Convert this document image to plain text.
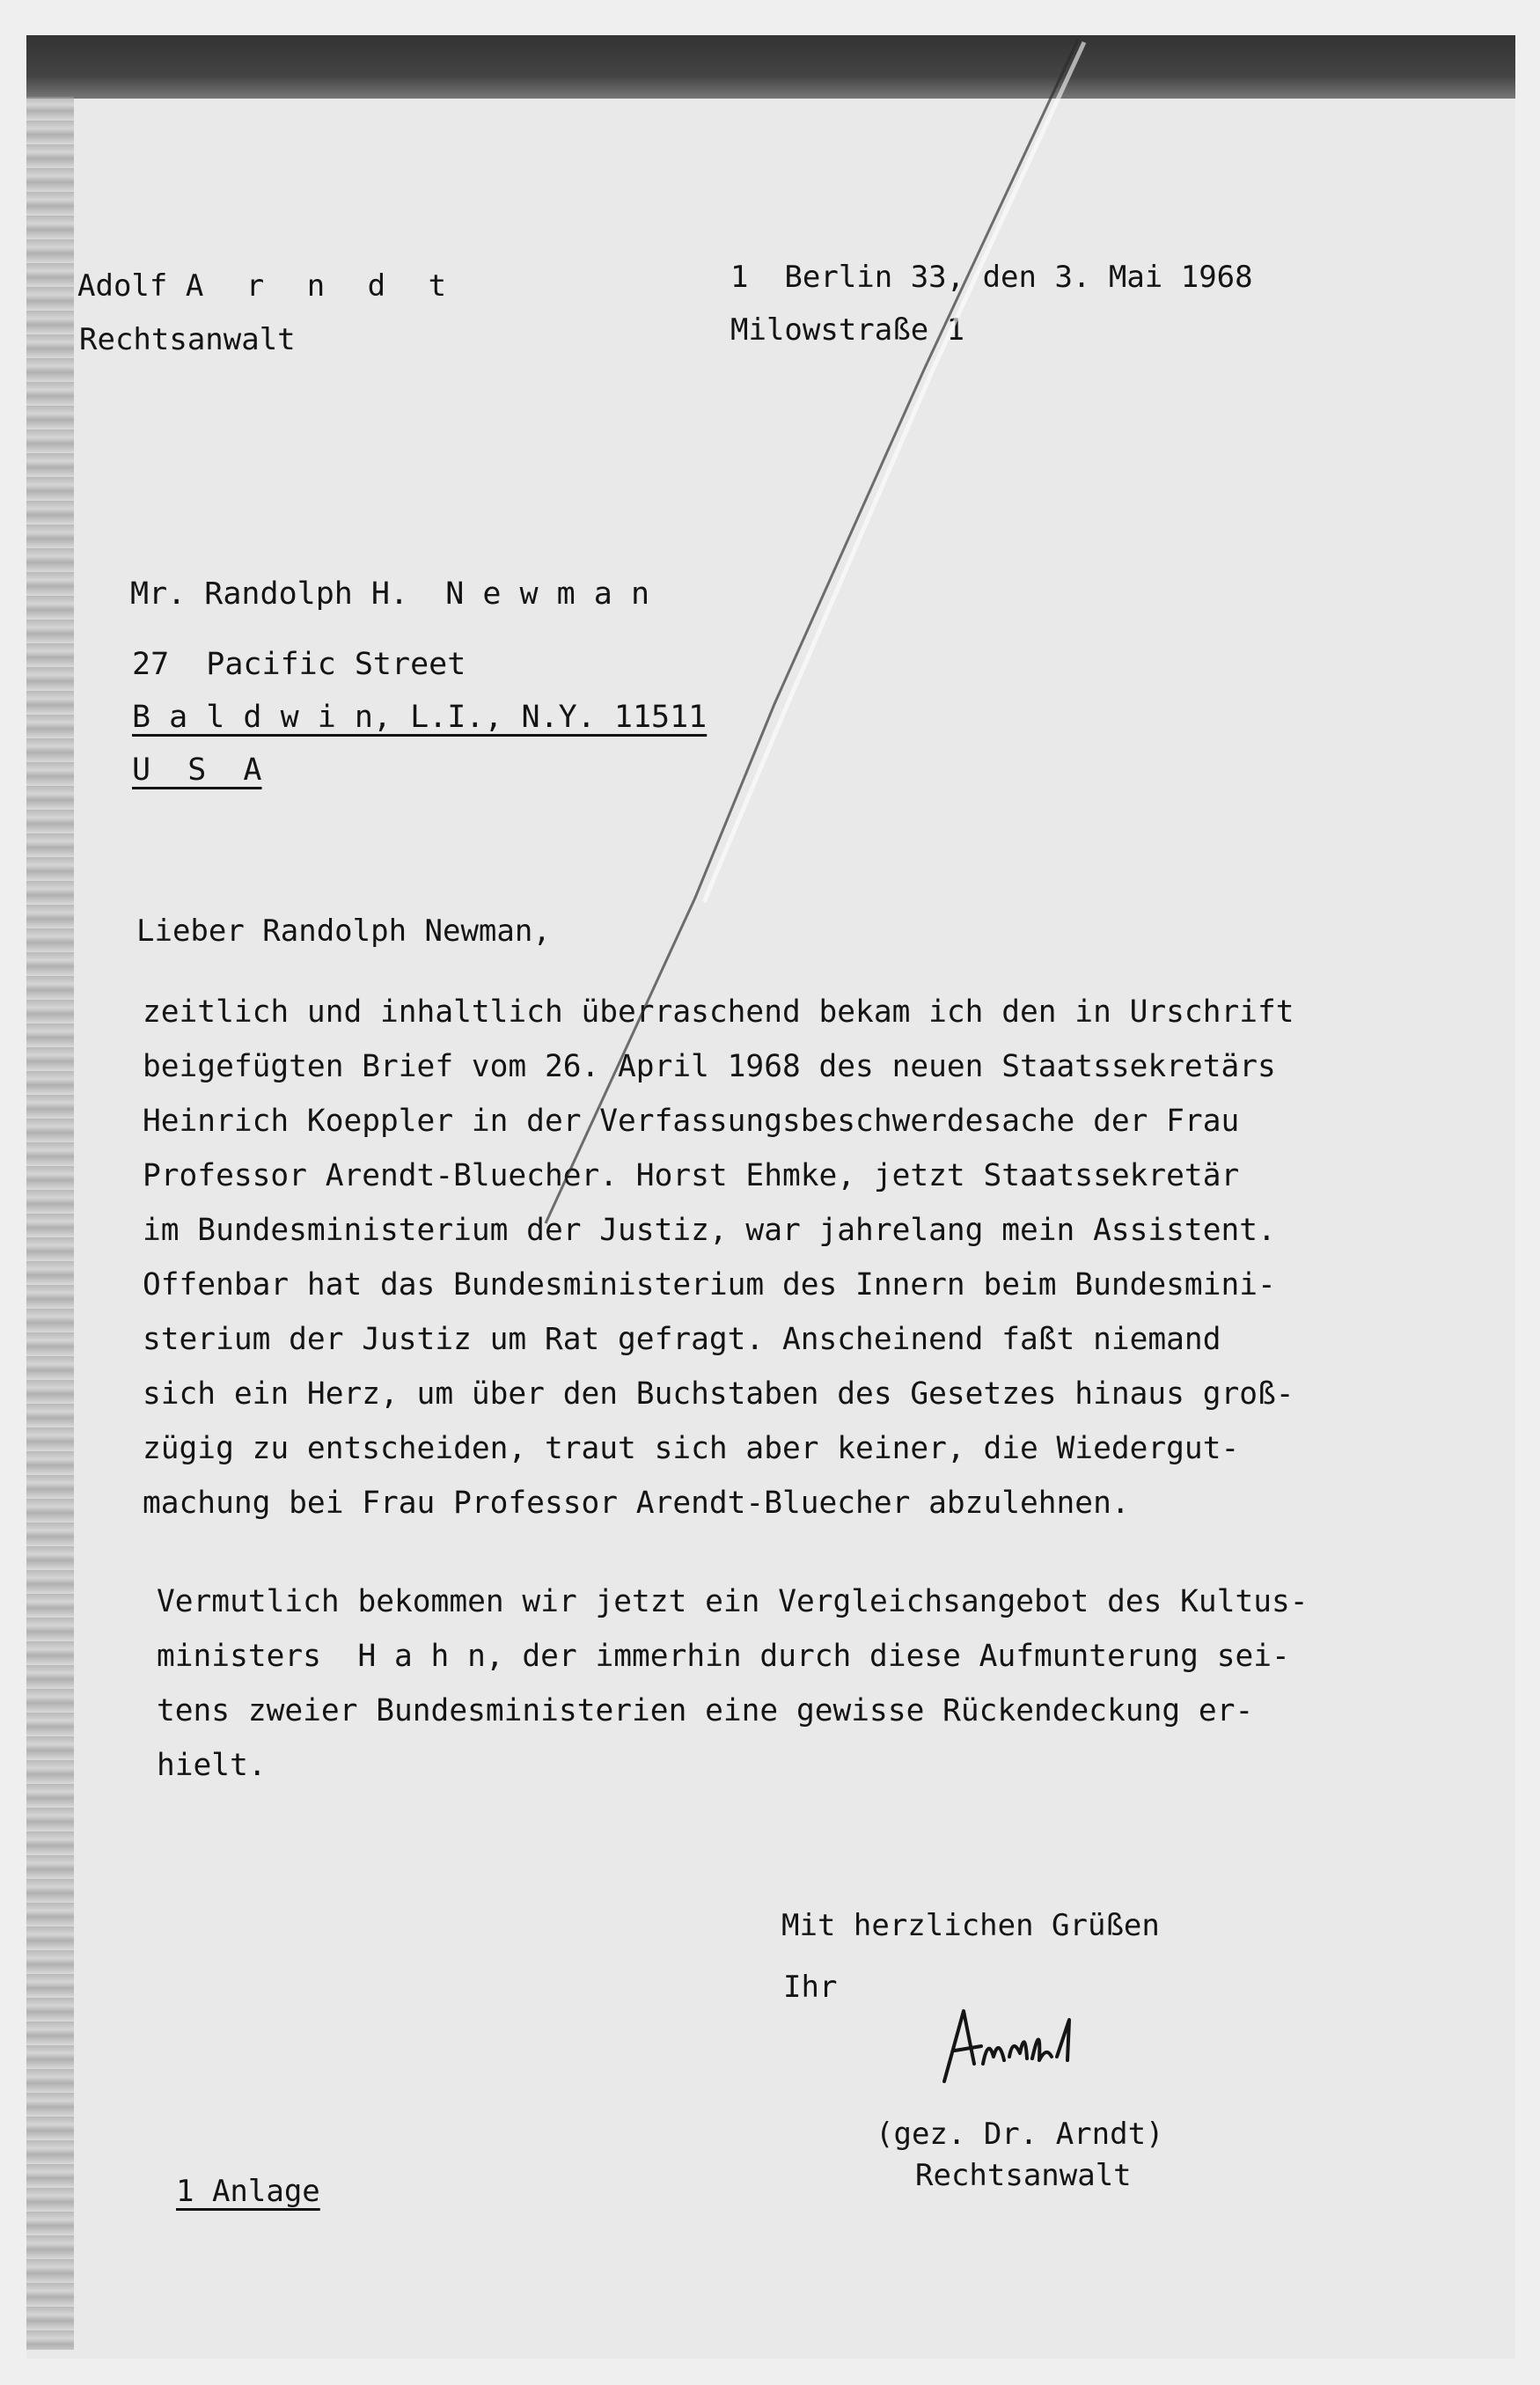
Adolf A r n d t

Rechtsanwalt

1  Berlin 33, den 3. Mai 1968

Milowstraße 1

Mr. Randolph H.  N e w m a n

27  Pacific Street

B a l d w i n, L.I., N.Y. 11511

U  S  A

Lieber Randolph Newman,

zeitlich und inhaltlich überraschend bekam ich den in Urschrift

beigefügten Brief vom 26. April 1968 des neuen Staatssekretärs

Heinrich Koeppler in der Verfassungsbeschwerdesache der Frau

Professor Arendt-Bluecher. Horst Ehmke, jetzt Staatssekretär

im Bundesministerium der Justiz, war jahrelang mein Assistent.

Offenbar hat das Bundesministerium des Innern beim Bundesmini-

sterium der Justiz um Rat gefragt. Anscheinend faßt niemand

sich ein Herz, um über den Buchstaben des Gesetzes hinaus groß-

zügig zu entscheiden, traut sich aber keiner, die Wiedergut-

machung bei Frau Professor Arendt-Bluecher abzulehnen.

Vermutlich bekommen wir jetzt ein Vergleichsangebot des Kultus-

ministers  H a h n, der immerhin durch diese Aufmunterung sei-

tens zweier Bundesministerien eine gewisse Rückendeckung er-

hielt.

Mit herzlichen Grüßen

Ihr

(gez. Dr. Arndt)

Rechtsanwalt

1 Anlage
